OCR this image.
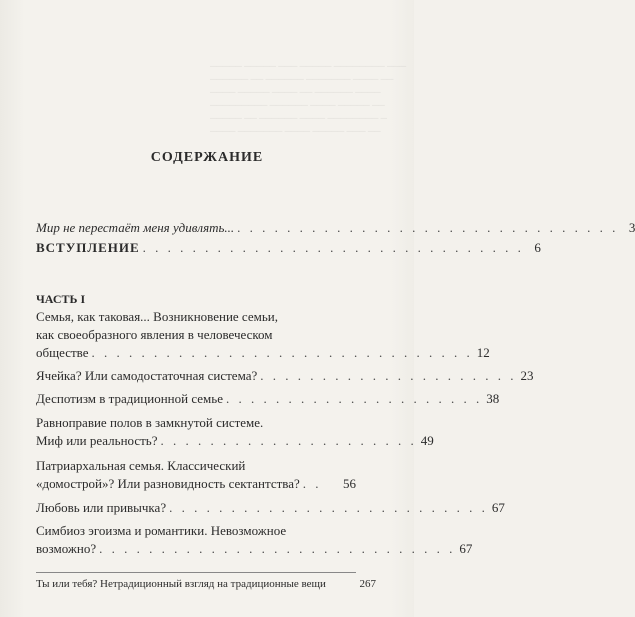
───── ───── ─── ───── ──────── ───
────── ── ────── ─────── ──── ──
──── ───── ──── ── ────── ────
───────── ────── ──── ───── ──
───── ── ────── ──── ──────── ─
──── ─────── ──── ───── ─── ──
СОДЕРЖАНИЕ
Мир не перестаёт меня удивлять... . . . . . . . . . . . . . . . . . . . . . . . . . . . . . . . 3
ВСТУПЛЕНИЕ . . . . . . . . . . . . . . . . . . . . . . . . . . . . . . . 6
ЧАСТЬ I
Семья, как таковая... Возникновение семьи,
как своеобразного явления в человеческом
обществе . . . . . . . . . . . . . . . . . . . . . . . . . . . . . . . 12
Ячейка? Или самодостаточная система? . . . . . . . . . . . . . . . . . . . . . 23
Деспотизм в традиционной семье . . . . . . . . . . . . . . . . . . . . . 38
Равноправие полов в замкнутой системе.
Миф или реальность? . . . . . . . . . . . . . . . . . . . . . 49
Патриархальная семья. Классический
«домострой»? Или разновидность сектантства? . .	56
Любовь или привычка? . . . . . . . . . . . . . . . . . . . . . . . . . . 67
Симбиоз эгоизма и романтики. Невозможное
возможно? . . . . . . . . . . . . . . . . . . . . . . . . . . . . . 67
Ты или тебя? Нетрадиционный взгляд на традиционные вещи	267
